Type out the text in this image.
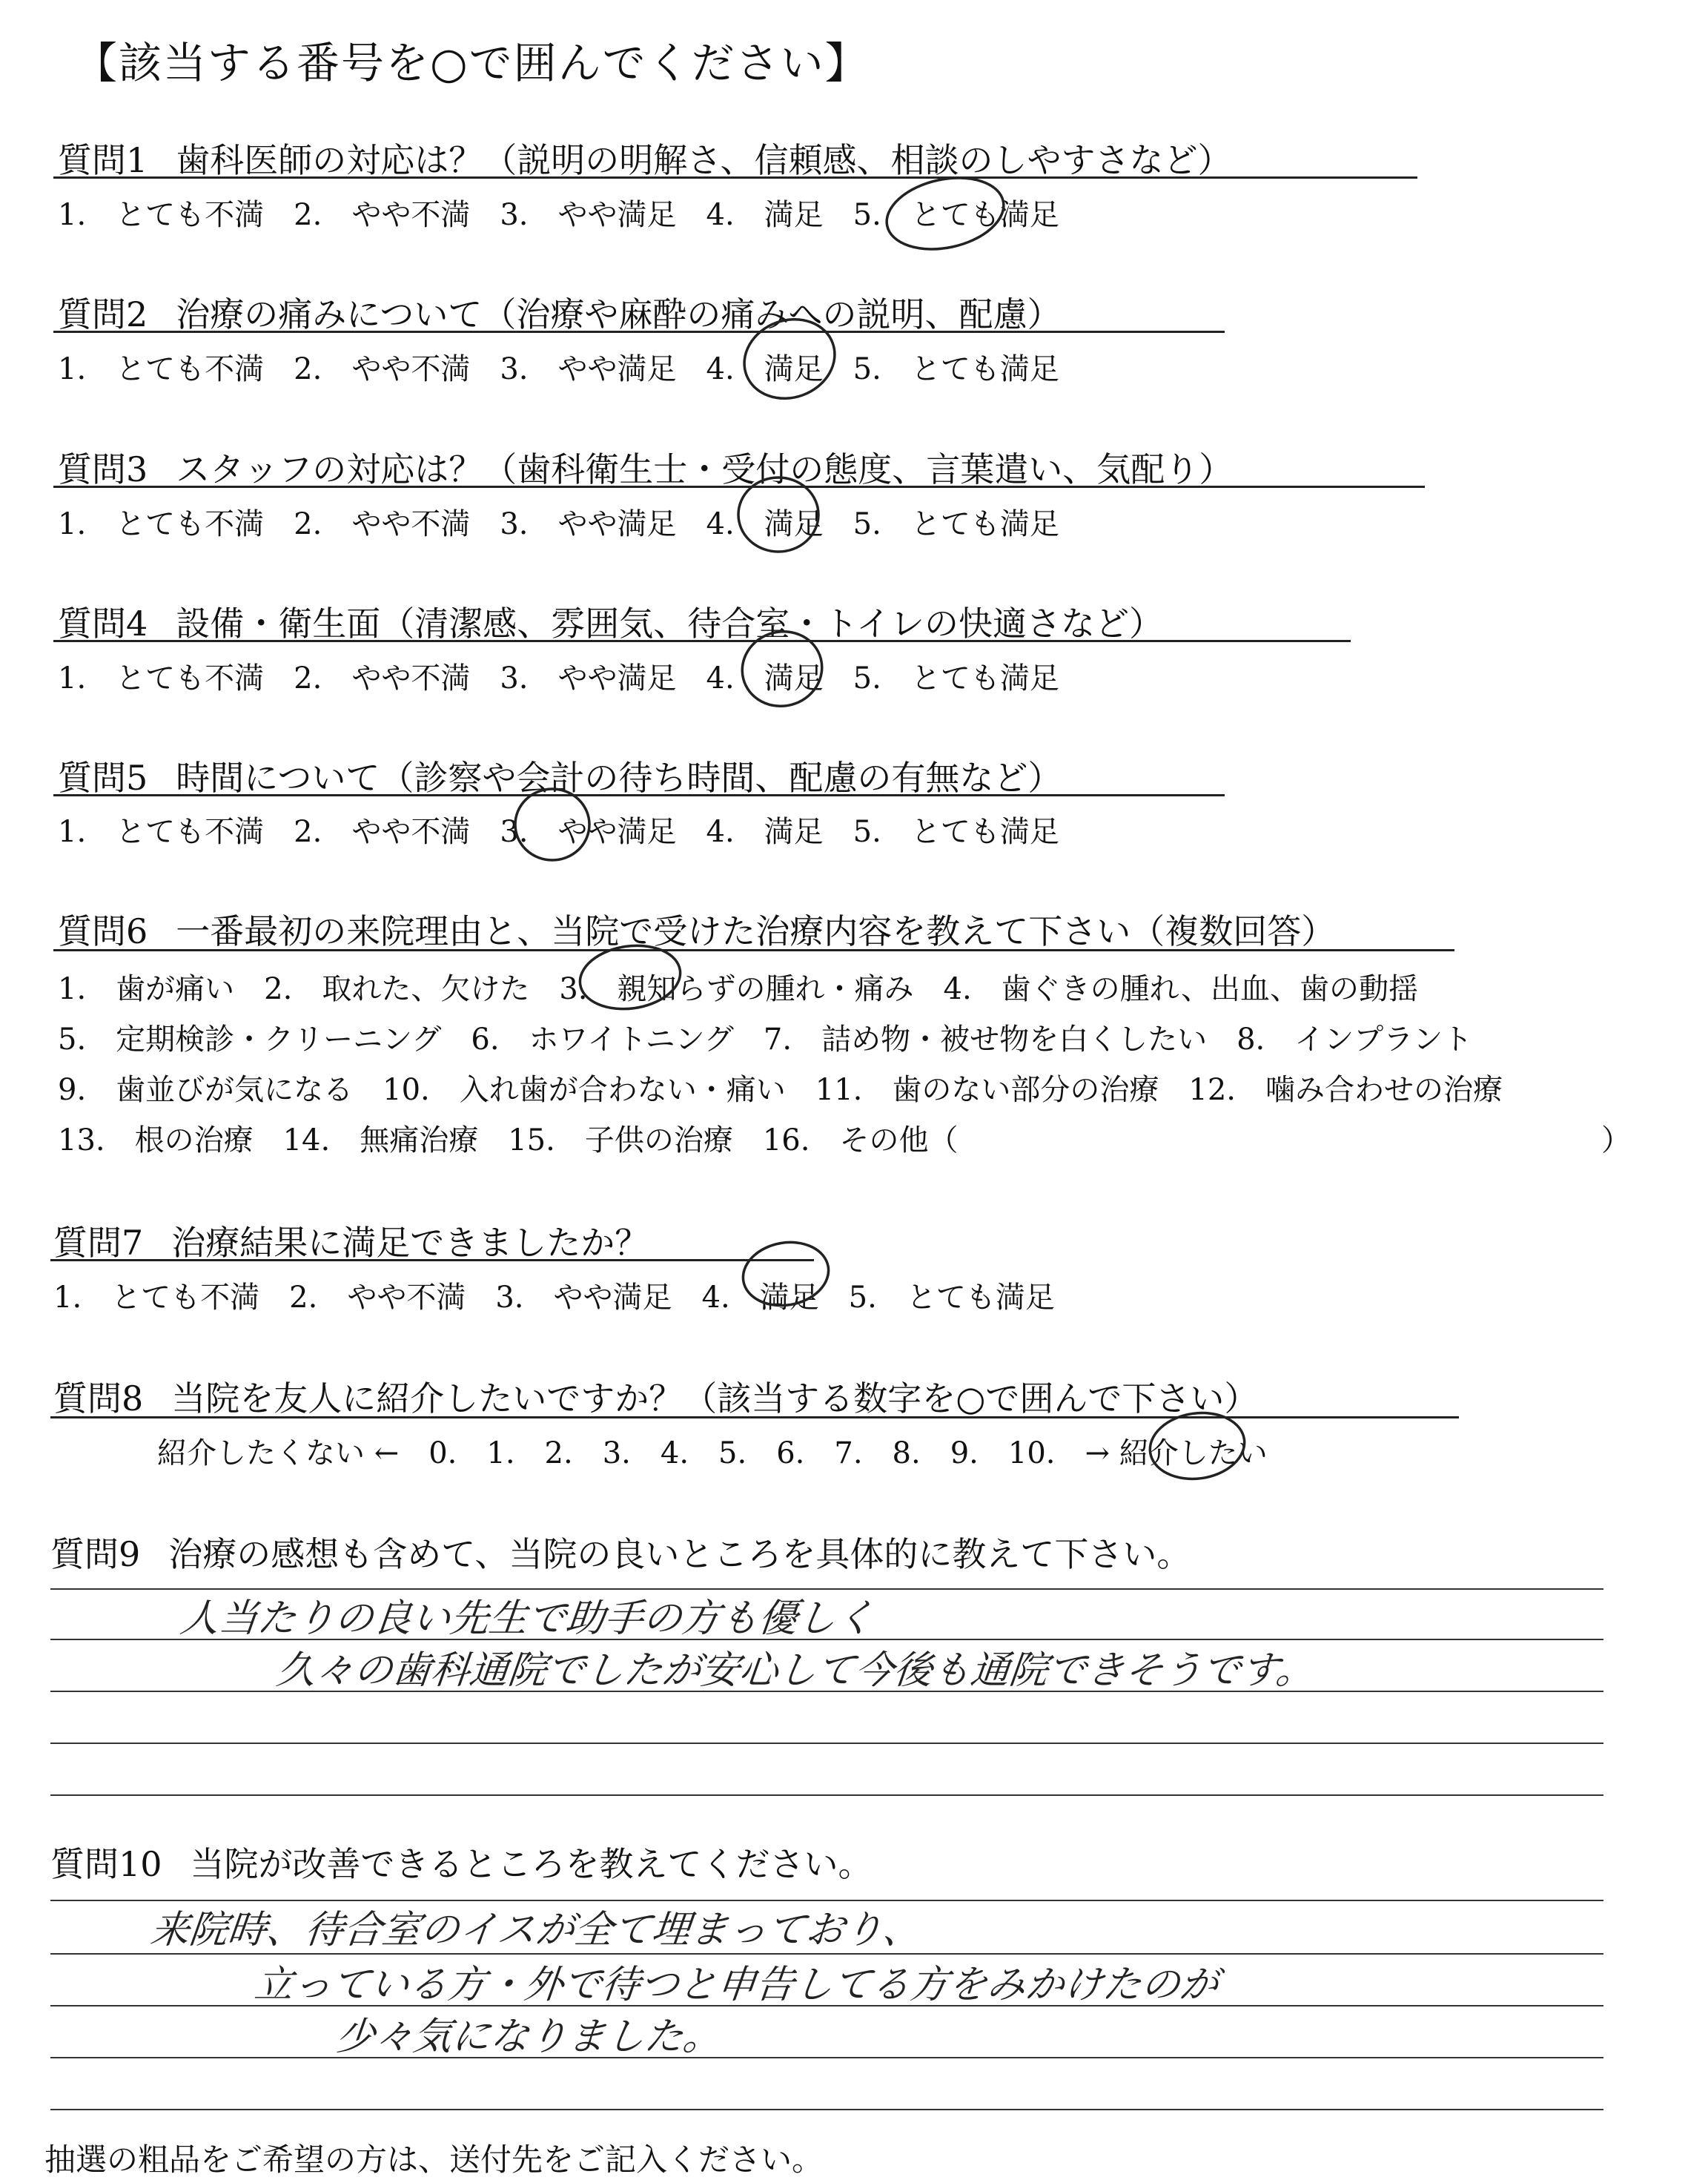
【該当する番号を○で囲んでください】
質問1 歯科医師の対応は？（説明の明解さ、信頼感、相談のしやすさなど）
1.　とても不満　2.　やや不満　3.　やや満足　4.　満足　5.　とても満足
質問2 治療の痛みについて（治療や麻酔の痛みへの説明、配慮）
1.　とても不満　2.　やや不満　3.　やや満足　4.　満足　5.　とても満足
質問3 スタッフの対応は？（歯科衛生士・受付の態度、言葉遣い、気配り）
1.　とても不満　2.　やや不満　3.　やや満足　4.　満足　5.　とても満足
質問4 設備・衛生面（清潔感、雰囲気、待合室・トイレの快適さなど）
1.　とても不満　2.　やや不満　3.　やや満足　4.　満足　5.　とても満足
質問5 時間について（診察や会計の待ち時間、配慮の有無など）
1.　とても不満　2.　やや不満　3.　やや満足　4.　満足　5.　とても満足
質問6 一番最初の来院理由と、当院で受けた治療内容を教えて下さい（複数回答）
1.　歯が痛い　2.　取れた、欠けた　3.　親知らずの腫れ・痛み　4.　歯ぐきの腫れ、出血、歯の動揺
5.　定期検診・クリーニング　6.　ホワイトニング　7.　詰め物・被せ物を白くしたい　8.　インプラント
9.　歯並びが気になる　10.　入れ歯が合わない・痛い　11.　歯のない部分の治療　12.　噛み合わせの治療
13.　根の治療　14.　無痛治療　15.　子供の治療　16.　その他（	）
質問7 治療結果に満足できましたか？
1.　とても不満　2.　やや不満　3.　やや満足　4.　満足　5.　とても満足
質問8 当院を友人に紹介したいですか？（該当する数字を○で囲んで下さい）
紹介したくない ←　0.　1.　2.　3.　4.　5.　6.　7.　8.　9.　10.　→ 紹介したい
質問9 治療の感想も含めて、当院の良いところを具体的に教えて下さい。
人当たりの良い先生で助手の方も優しく
久々の歯科通院でしたが安心して今後も通院できそうです。
質問10 当院が改善できるところを教えてください。
来院時、待合室のイスが全て埋まっており、
立っている方・外で待つと申告してる方をみかけたのが
少々気になりました。
抽選の粗品をご希望の方は、送付先をご記入ください。
